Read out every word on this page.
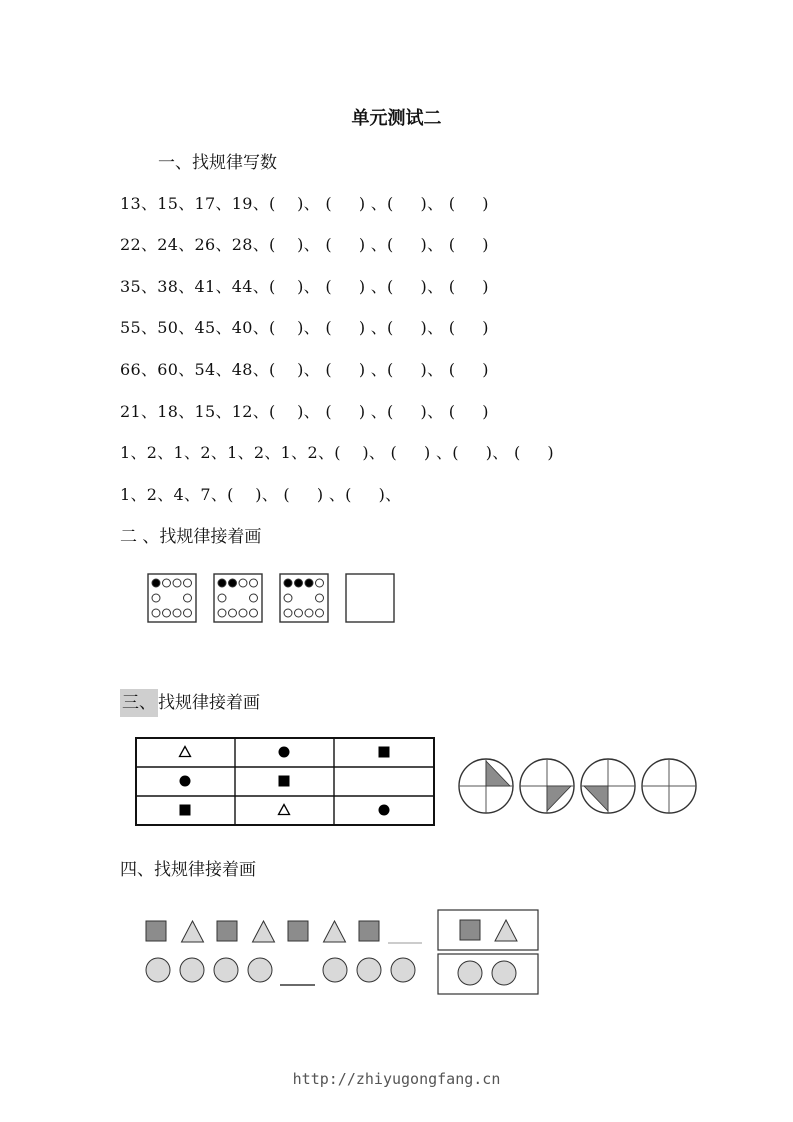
单元测试二
一、找规律写数
13、15、17、19、(    )、 (     ) 、(     )、 (     )
22、24、26、28、(    )、 (     ) 、(     )、 (     )
35、38、41、44、(    )、 (     ) 、(     )、 (     )
55、50、45、40、(    )、 (     ) 、(     )、 (     )
66、60、54、48、(    )、 (     ) 、(     )、 (     )
21、18、15、12、(    )、 (     ) 、(     )、 (     )
1、2、1、2、1、2、1、2、(    )、 (     ) 、(     )、 (     )
1、2、4、7、(    )、 (     ) 、(     )、
二 、找规律接着画
三、 找规律接着画
四、找规律接着画
http://zhiyugongfang.cn
